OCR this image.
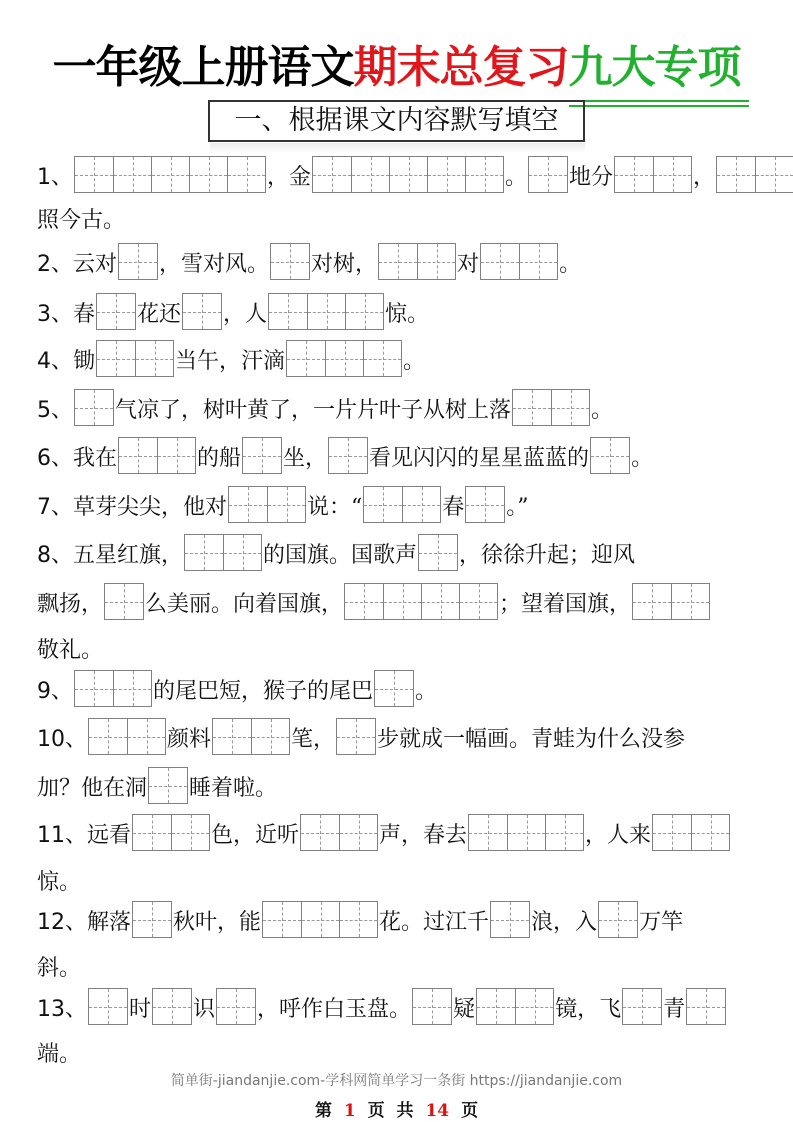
一年级上册语文期末总复习九大专项
一、根据课文内容默写填空
1、	，金	。 地分	，
照今古。
2、 云对 ，雪对风。 对树，	对	。
3、 春 花还 ，人	惊。
4、 锄	当午，汗滴	。
5、 气凉了，树叶黄了，一片片叶子从树上落	。
6、 我在	的船 坐， 看见闪闪的星星蓝蓝的 。
7、 草芽尖尖，他对	说：“	春 。”
8、 五星红旗，	的国旗。国歌声 ，徐徐升起；迎风
飘扬， 么美丽。向着国旗，	；望着国旗，
敬礼。
9、	的尾巴短，猴子的尾巴 。
10、	颜料	笔， 步就成一幅画。青蛙为什么没参
加？他在洞 睡着啦。
11、 远看	色，近听	声，春去	，人来
惊。
12、 解落 秋叶，能	花。过江千 浪，入 万竿
斜。
13、 时 识 ，呼作白玉盘。 疑	镜，飞 青
端。
简单街-jiandanjie.com-学科网简单学习一条街 https://jiandanjie.com
第 1 页 共 14 页
